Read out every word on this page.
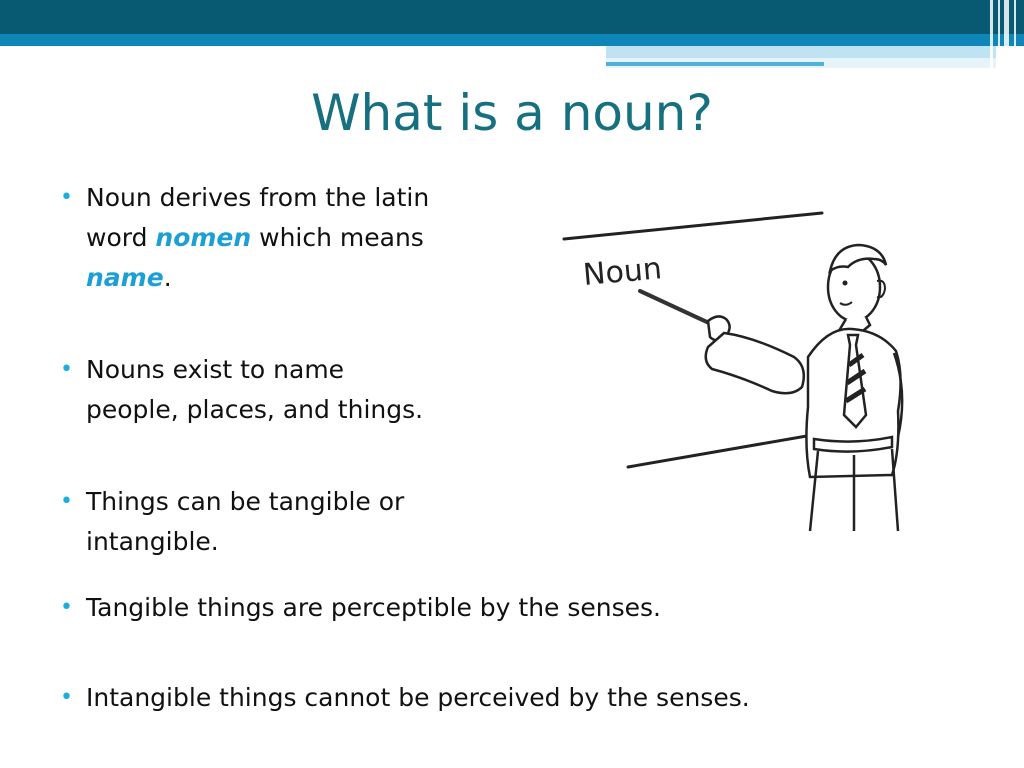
What is a noun?
• Noun derives from the latin
word nomen which means
name.
• Nouns exist to name
people, places, and things.
• Things can be tangible or
intangible.
• Tangible things are perceptible by the senses.
• Intangible things cannot be perceived by the senses.
Noun
